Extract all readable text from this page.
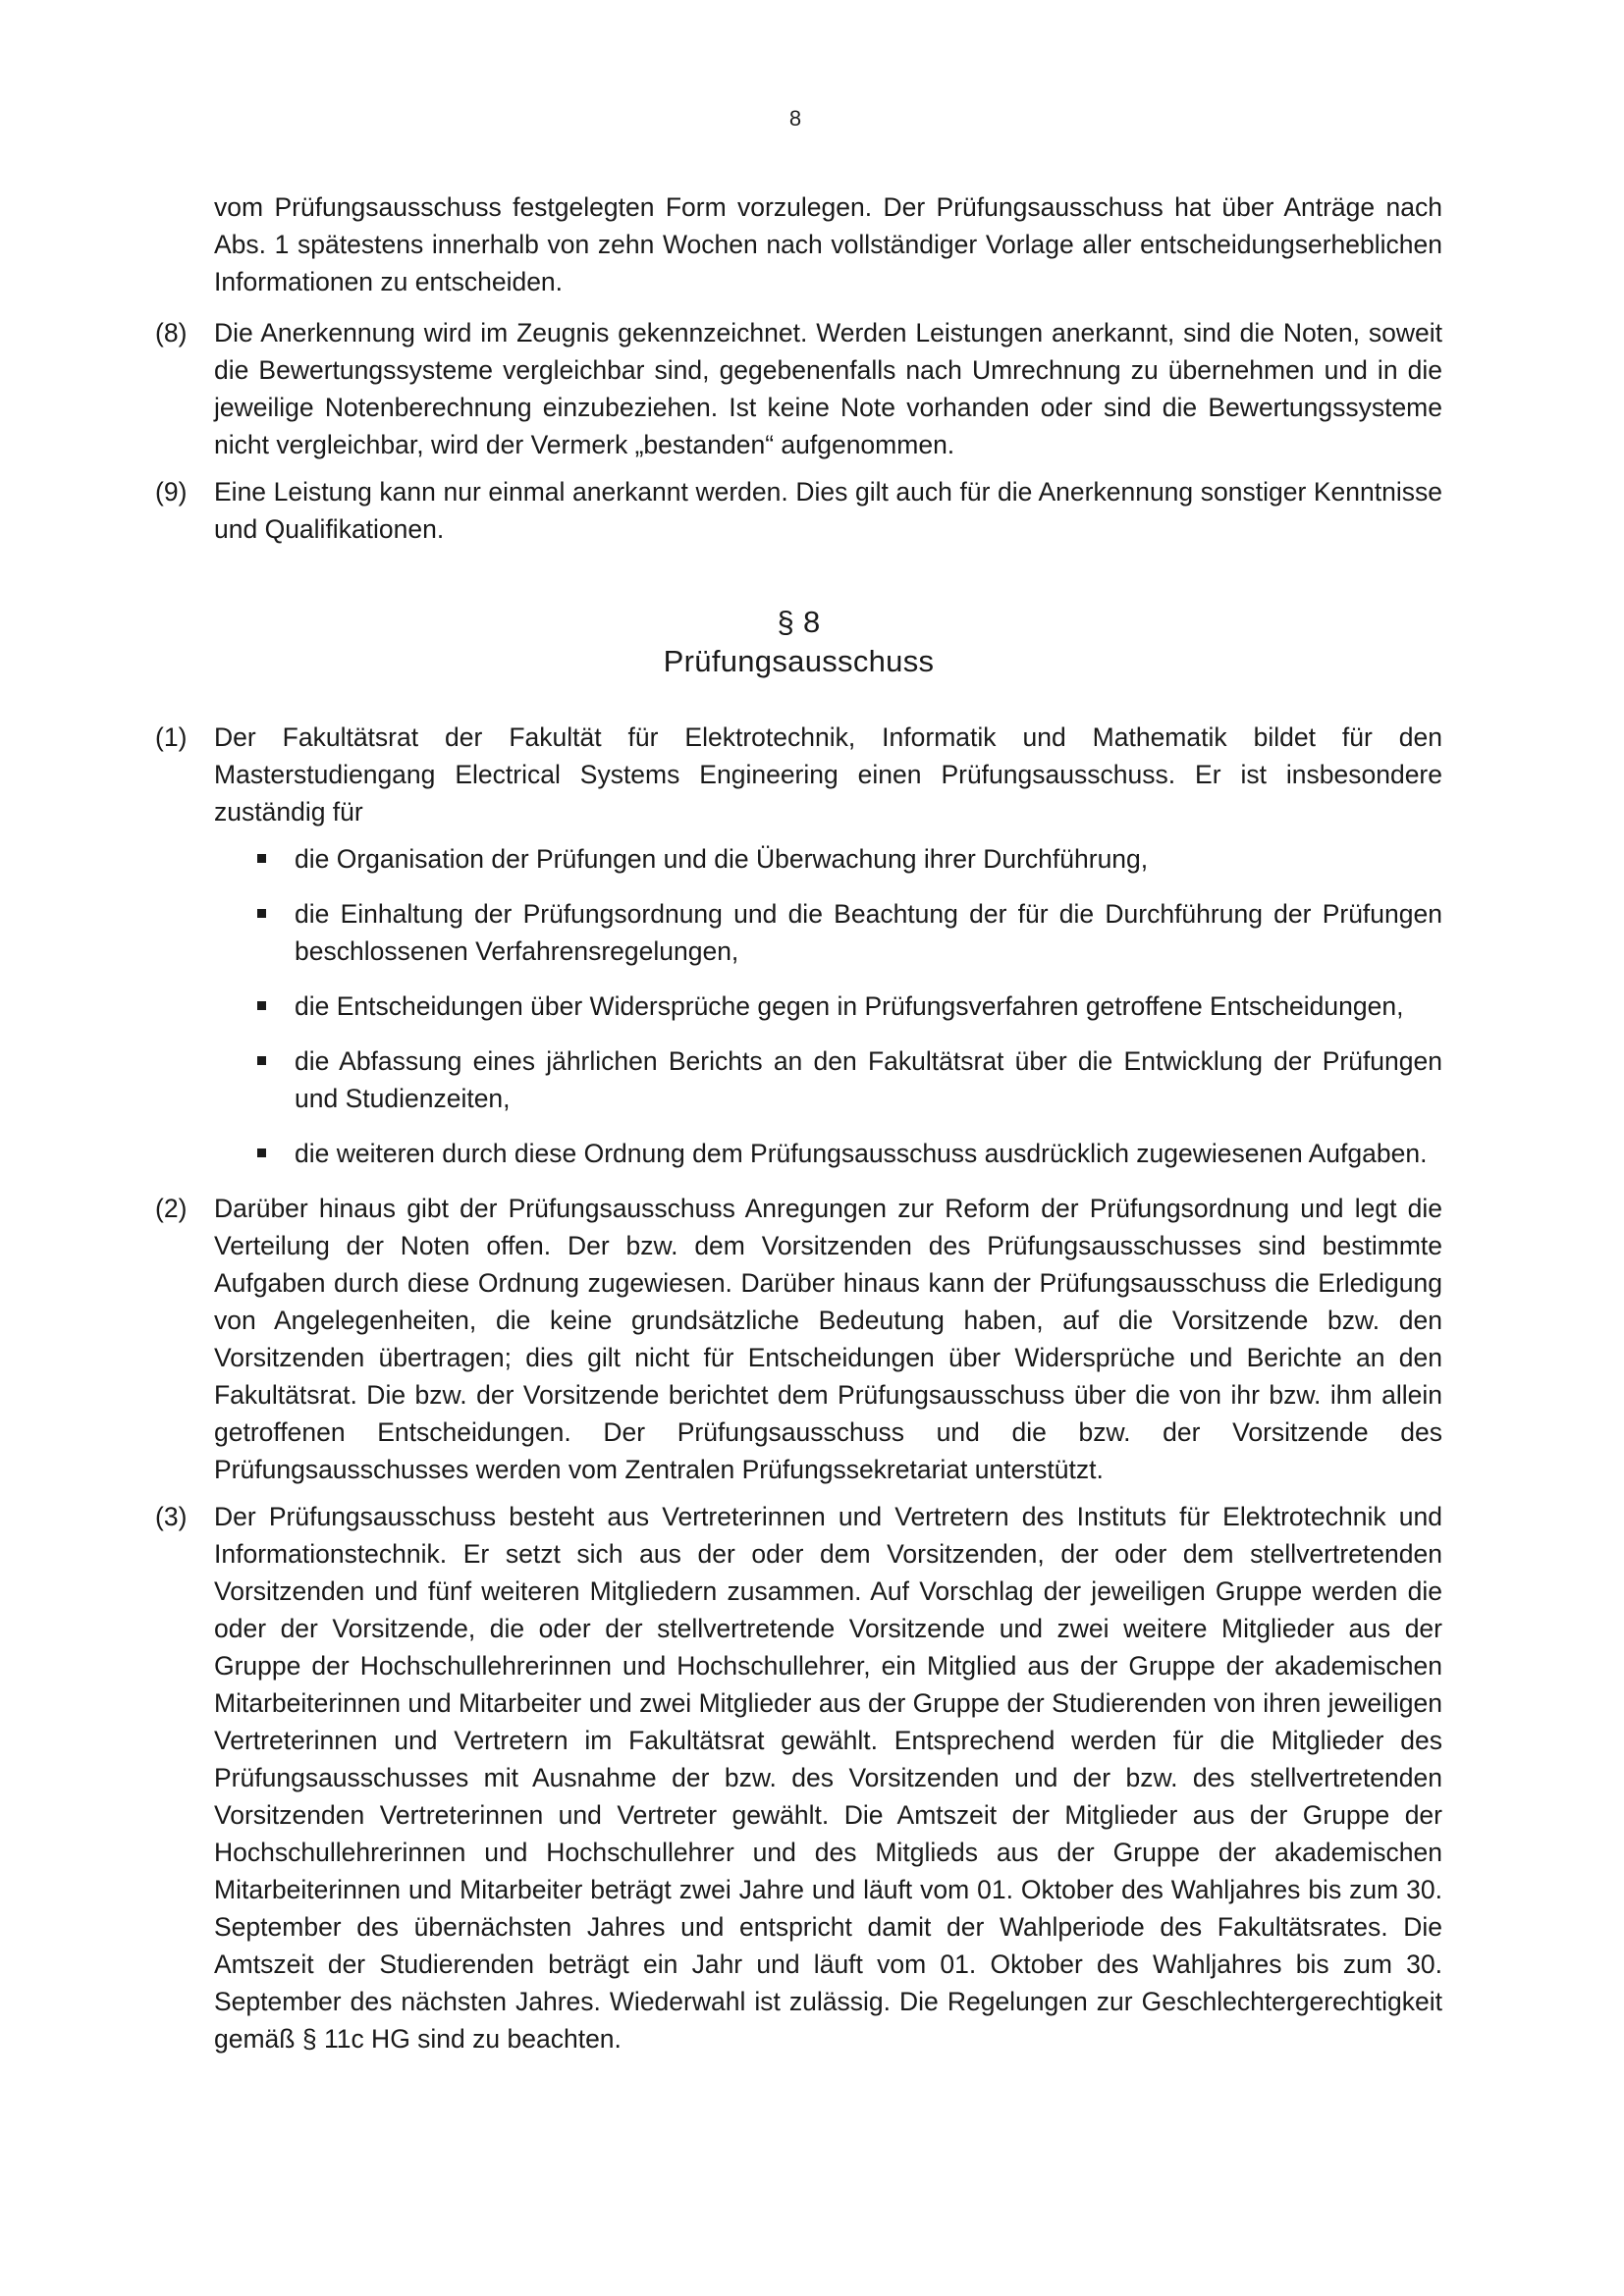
8

vom Prüfungsausschuss festgelegten Form vorzulegen. Der Prüfungsausschuss hat über Anträge nach Abs. 1 spätestens innerhalb von zehn Wochen nach vollständiger Vorlage aller entscheidungserheblichen Informationen zu entscheiden.

(8)	Die Anerkennung wird im Zeugnis gekennzeichnet. Werden Leistungen anerkannt, sind die Noten, soweit die Bewertungssysteme vergleichbar sind, gegebenenfalls nach Umrechnung zu übernehmen und in die jeweilige Notenberechnung einzubeziehen. Ist keine Note vorhanden oder sind die Bewertungssysteme nicht vergleichbar, wird der Vermerk „bestanden“ aufgenommen.
(9)	Eine Leistung kann nur einmal anerkannt werden. Dies gilt auch für die Anerkennung sonstiger Kenntnisse und Qualifikationen.
§ 8
Prüfungsausschuss
(1)	Der Fakultätsrat der Fakultät für Elektrotechnik, Informatik und Mathematik bildet für den Masterstudiengang Electrical Systems Engineering einen Prüfungsausschuss. Er ist insbesondere zuständig für
die Organisation der Prüfungen und die Überwachung ihrer Durchführung,
die Einhaltung der Prüfungsordnung und die Beachtung der für die Durchführung der Prüfungen beschlossenen Verfahrensregelungen,
die Entscheidungen über Widersprüche gegen in Prüfungsverfahren getroffene Entscheidungen,
die Abfassung eines jährlichen Berichts an den Fakultätsrat über die Entwicklung der Prüfungen und Studienzeiten,
die weiteren durch diese Ordnung dem Prüfungsausschuss ausdrücklich zugewiesenen Aufgaben.
(2)	Darüber hinaus gibt der Prüfungsausschuss Anregungen zur Reform der Prüfungsordnung und legt die Verteilung der Noten offen. Der bzw. dem Vorsitzenden des Prüfungsausschusses sind bestimmte Aufgaben durch diese Ordnung zugewiesen. Darüber hinaus kann der Prüfungsausschuss die Erledigung von Angelegenheiten, die keine grundsätzliche Bedeutung haben, auf die Vorsitzende bzw. den Vorsitzenden übertragen; dies gilt nicht für Entscheidungen über Widersprüche und Berichte an den Fakultätsrat. Die bzw. der Vorsitzende berichtet dem Prüfungsausschuss über die von ihr bzw. ihm allein getroffenen Entscheidungen. Der Prüfungsausschuss und die bzw. der Vorsitzende des Prüfungsausschusses werden vom Zentralen Prüfungssekretariat unterstützt.
(3)	Der Prüfungsausschuss besteht aus Vertreterinnen und Vertretern des Instituts für Elektrotechnik und Informationstechnik. Er setzt sich aus der oder dem Vorsitzenden, der oder dem stellvertretenden Vorsitzenden und fünf weiteren Mitgliedern zusammen. Auf Vorschlag der jeweiligen Gruppe werden die oder der Vorsitzende, die oder der stellvertretende Vorsitzende und zwei weitere Mitglieder aus der Gruppe der Hochschullehrerinnen und Hochschullehrer, ein Mitglied aus der Gruppe der akademischen Mitarbeiterinnen und Mitarbeiter und zwei Mitglieder aus der Gruppe der Studierenden von ihren jeweiligen Vertreterinnen und Vertretern im Fakultätsrat gewählt. Entsprechend werden für die Mitglieder des Prüfungsausschusses mit Ausnahme der bzw. des Vorsitzenden und der bzw. des stellvertretenden Vorsitzenden Vertreterinnen und Vertreter gewählt. Die Amtszeit der Mitglieder aus der Gruppe der Hochschullehrerinnen und Hochschullehrer und des Mitglieds aus der Gruppe der akademischen Mitarbeiterinnen und Mitarbeiter beträgt zwei Jahre und läuft vom 01. Oktober des Wahljahres bis zum 30. September des übernächsten Jahres und entspricht damit der Wahlperiode des Fakultätsrates. Die Amtszeit der Studierenden beträgt ein Jahr und läuft vom 01. Oktober des Wahljahres bis zum 30. September des nächsten Jahres. Wiederwahl ist zulässig. Die Regelungen zur Geschlechtergerechtigkeit gemäß § 11c HG sind zu beachten.
